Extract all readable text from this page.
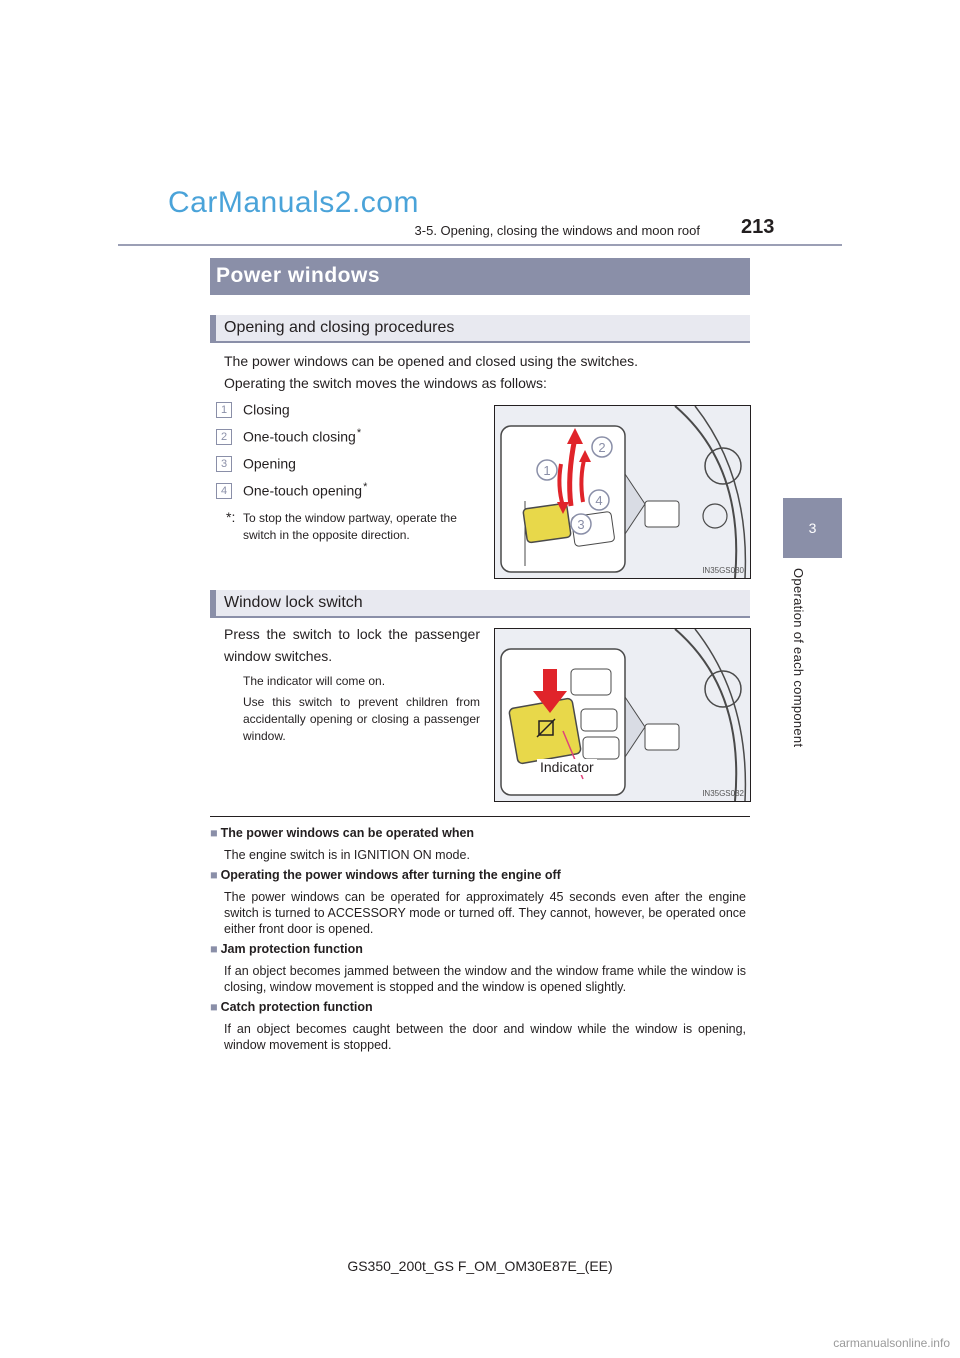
CarManuals2.com
3-5. Opening, closing the windows and moon roof 213
3
Operation of each component
Power windows
Opening and closing procedures
The power windows can be opened and closed using the switches.
Operating the switch moves the windows as follows:
1	Closing
2	One-touch closing*
3	Opening
4	One-touch opening*
*: To stop the window partway, operate the switch in the opposite direction.
1
2
3
4
IN35GS030
Window lock switch
Press the switch to lock the passenger window switches.
The indicator will come on.
Use this switch to prevent children from accidentally opening or closing a passenger window.
Indicator
IN35GS032
■ The power windows can be operated when
The engine switch is in IGNITION ON mode.
■ Operating the power windows after turning the engine off
The power windows can be operated for approximately 45 seconds even after the engine switch is turned to ACCESSORY mode or turned off. They cannot, however, be operated once either front door is opened.
■ Jam protection function
If an object becomes jammed between the window and the window frame while the window is closing, window movement is stopped and the window is opened slightly.
■ Catch protection function
If an object becomes caught between the door and window while the window is opening, window movement is stopped.
GS350_200t_GS F_OM_OM30E87E_(EE)
carmanualsonline.info
